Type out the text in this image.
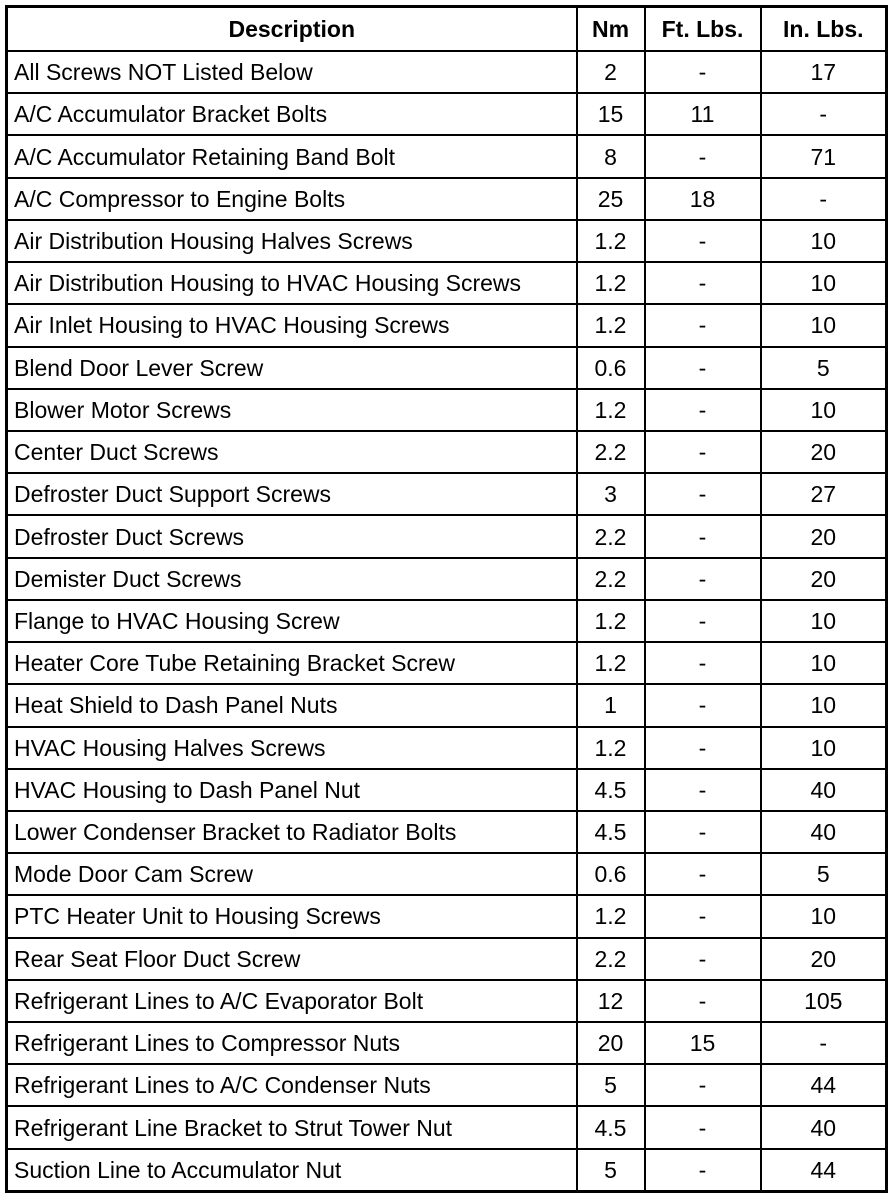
Description	Nm	Ft. Lbs.	In. Lbs.
All Screws NOT Listed Below	2	-	17
A/C Accumulator Bracket Bolts	15	11	-
A/C Accumulator Retaining Band Bolt	8	-	71
A/C Compressor to Engine Bolts	25	18	-
Air Distribution Housing Halves Screws	1.2	-	10
Air Distribution Housing to HVAC Housing Screws	1.2	-	10
Air Inlet Housing to HVAC Housing Screws	1.2	-	10
Blend Door Lever Screw	0.6	-	5
Blower Motor Screws	1.2	-	10
Center Duct Screws	2.2	-	20
Defroster Duct Support Screws	3	-	27
Defroster Duct Screws	2.2	-	20
Demister Duct Screws	2.2	-	20
Flange to HVAC Housing Screw	1.2	-	10
Heater Core Tube Retaining Bracket Screw	1.2	-	10
Heat Shield to Dash Panel Nuts	1	-	10
HVAC Housing Halves Screws	1.2	-	10
HVAC Housing to Dash Panel Nut	4.5	-	40
Lower Condenser Bracket to Radiator Bolts	4.5	-	40
Mode Door Cam Screw	0.6	-	5
PTC Heater Unit to Housing Screws	1.2	-	10
Rear Seat Floor Duct Screw	2.2	-	20
Refrigerant Lines to A/C Evaporator Bolt	12	-	105
Refrigerant Lines to Compressor Nuts	20	15	-
Refrigerant Lines to A/C Condenser Nuts	5	-	44
Refrigerant Line Bracket to Strut Tower Nut	4.5	-	40
Suction Line to Accumulator Nut	5	-	44
